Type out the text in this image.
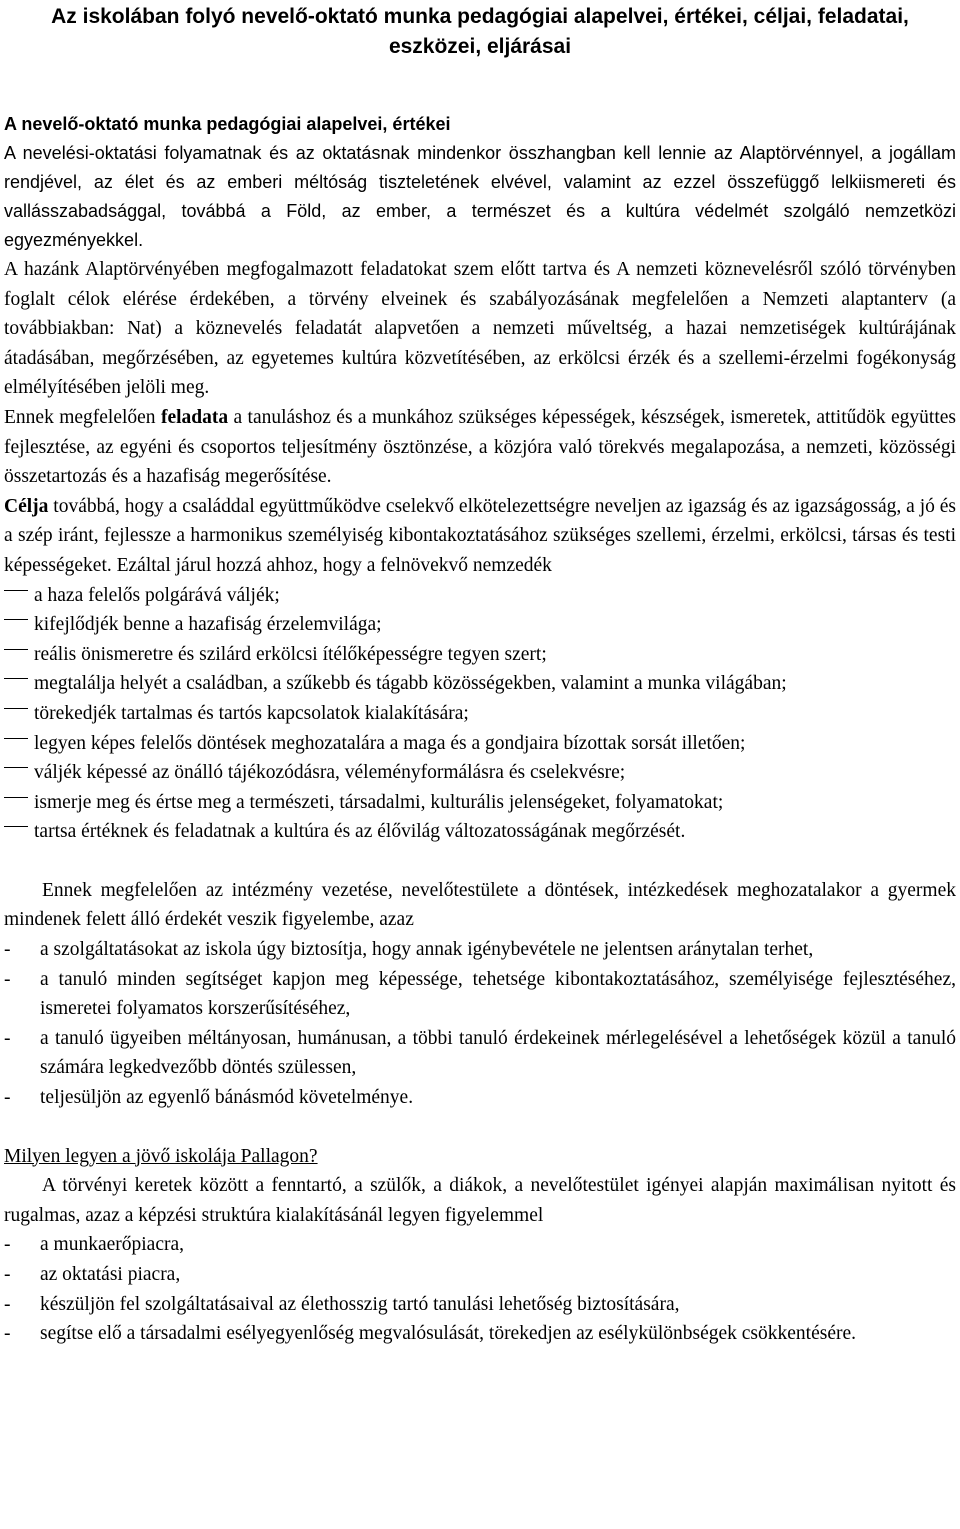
Az iskolában folyó nevelő-oktató munka pedagógiai alapelvei, értékei, céljai, feladatai,
eszközei, eljárásai
A nevelő-oktató munka pedagógiai alapelvei, értékei

A nevelési-oktatási folyamatnak és az oktatásnak mindenkor összhangban kell lennie az Alaptörvénnyel, a jogállam rendjével, az élet és az emberi méltóság tiszteletének elvével, valamint az ezzel összefüggő lelkiismereti és vallásszabadsággal, továbbá a Föld, az ember, a természet és a kultúra védelmét szolgáló nemzetközi egyezményekkel.

A hazánk Alaptörvényében megfogalmazott feladatokat szem előtt tartva és A nemzeti köznevelésről szóló törvényben foglalt célok elérése érdekében, a törvény elveinek és szabályozásának megfelelően a Nemzeti alaptanterv (a továbbiakban: Nat) a köznevelés feladatát alapvetően a nemzeti műveltség, a hazai nemzetiségek kultúrájának átadásában, megőrzésében, az egyetemes kultúra közvetítésében, az erkölcsi érzék és a szellemi-érzelmi fogékonyság elmélyítésében jelöli meg.

Ennek megfelelően feladata a tanuláshoz és a munkához szükséges képességek, készségek, ismeretek, attitűdök együttes fejlesztése, az egyéni és csoportos teljesítmény ösztönzése, a közjóra való törekvés megalapozása, a nemzeti, közösségi összetartozás és a hazafiság megerősítése.

Célja továbbá, hogy a családdal együttműködve cselekvő elkötelezettségre neveljen az igazság és az igazságosság, a jó és a szép iránt, fejlessze a harmonikus személyiség kibontakoztatásához szükséges szellemi, érzelmi, erkölcsi, társas és testi képességeket. Ezáltal járul hozzá ahhoz, hogy a felnövekvő nemzedék

a haza felelős polgárává váljék;

kifejlődjék benne a hazafiság érzelemvilága;

reális önismeretre és szilárd erkölcsi ítélőképességre tegyen szert;

megtalálja helyét a családban, a szűkebb és tágabb közösségekben, valamint a munka világában;

törekedjék tartalmas és tartós kapcsolatok kialakítására;

legyen képes felelős döntések meghozatalára a maga és a gondjaira bízottak sorsát illetően;

váljék képessé az önálló tájékozódásra, véleményformálásra és cselekvésre;

ismerje meg és értse meg a természeti, társadalmi, kulturális jelenségeket, folyamatokat;

tartsa értéknek és feladatnak a kultúra és az élővilág változatosságának megőrzését.

Ennek megfelelően az intézmény vezetése, nevelőtestülete a döntések, intézkedések meghozatalakor a gyermek mindenek felett álló érdekét veszik figyelembe, azaz

-	a szolgáltatásokat az iskola úgy biztosítja, hogy annak igénybevétele ne jelentsen aránytalan terhet,
-	a tanuló minden segítséget kapjon meg képessége, tehetsége kibontakoztatásához, személyisége fejlesztéséhez, ismeretei folyamatos korszerűsítéséhez,
-	a tanuló ügyeiben méltányosan, humánusan, a többi tanuló érdekeinek mérlegelésével a lehetőségek közül a tanuló számára legkedvezőbb döntés szülessen,
-	teljesüljön az egyenlő bánásmód követelménye.
Milyen legyen a jövő iskolája Pallagon?

A törvényi keretek között a fenntartó, a szülők, a diákok, a nevelőtestület igényei alapján maximálisan nyitott és rugalmas, azaz a képzési struktúra kialakításánál legyen figyelemmel

-	a munkaerőpiacra,
-	az oktatási piacra,
-	készüljön fel szolgáltatásaival az élethosszig tartó tanulási lehetőség biztosítására,
-	segítse elő a társadalmi esélyegyenlőség megvalósulását, törekedjen az esélykülönbségek csökkentésére.
